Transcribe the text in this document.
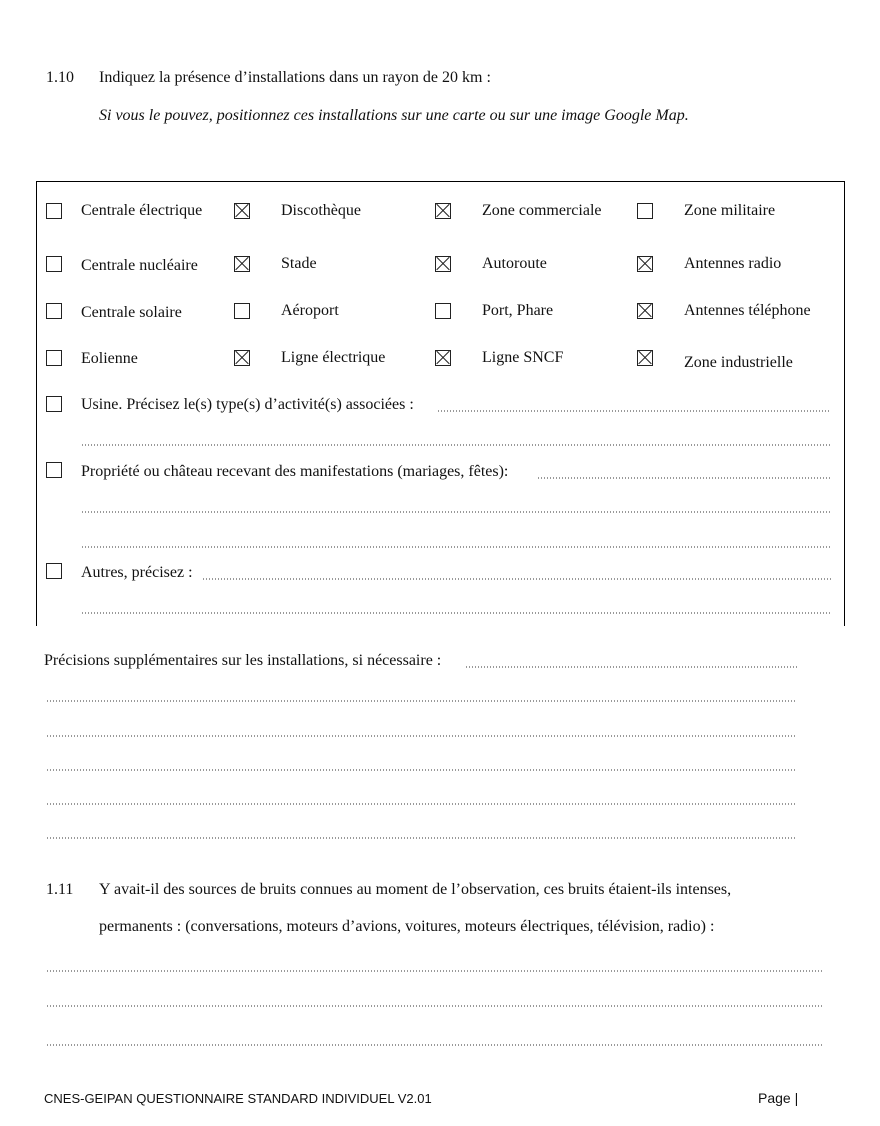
1.10 Indiquez la présence d’installations dans un rayon de 20 km :
Si vous le pouvez, positionnez ces installations sur une carte ou sur une image Google Map.
Centrale électrique	Discothèque	Zone commerciale	Zone militaire
Centrale nucléaire	Stade	Autoroute	Antennes radio
Centrale solaire	Aéroport	Port, Phare	Antennes téléphone
Eolienne	Ligne électrique	Ligne SNCF	Zone industrielle
Usine. Précisez le(s) type(s) d’activité(s) associées :
Propriété ou château recevant des manifestations (mariages, fêtes):
Autres, précisez :
Précisions supplémentaires sur les installations, si nécessaire :
1.11 Y avait-il des sources de bruits connues au moment de l’observation, ces bruits étaient-ils intenses,
permanents : (conversations, moteurs d’avions, voitures, moteurs électriques, télévision, radio) :
CNES-GEIPAN QUESTIONNAIRE STANDARD INDIVIDUEL V2.01	Page |
